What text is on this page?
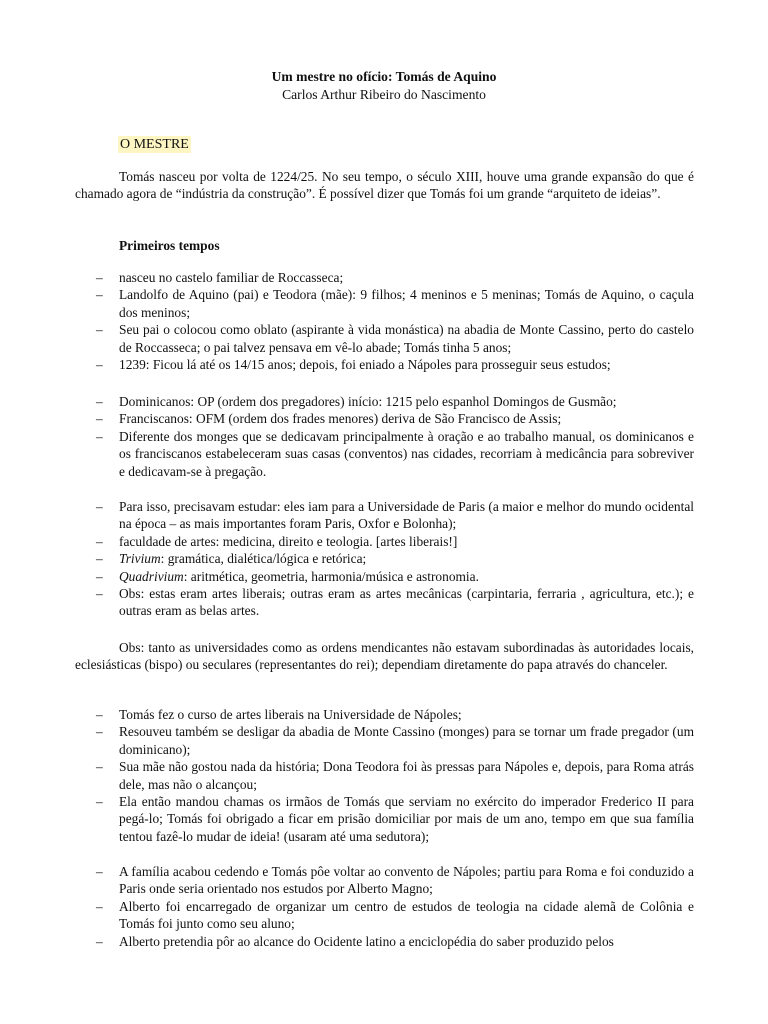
Um mestre no ofício: Tomás de Aquino
Carlos Arthur Ribeiro do Nascimento
O MESTRE
Tomás nasceu por volta de 1224/25. No seu tempo, o século XIII, houve uma grande expansão do que é chamado agora de “indústria da construção”. É possível dizer que Tomás foi um grande “arquiteto de ideias”.
Primeiros tempos
– nasceu no castelo familiar de Roccasseca;
– Landolfo de Aquino (pai) e Teodora (mãe): 9 filhos; 4 meninos e 5 meninas; Tomás de Aquino, o caçula dos meninos;
– Seu pai o colocou como oblato (aspirante à vida monástica) na abadia de Monte Cassino, perto do castelo de Roccasseca; o pai talvez pensava em vê-lo abade; Tomás tinha 5 anos;
– 1239: Ficou lá até os 14/15 anos; depois, foi eniado a Nápoles para prosseguir seus estudos;
– Dominicanos: OP (ordem dos pregadores) início: 1215 pelo espanhol Domingos de Gusmão;
– Franciscanos: OFM (ordem dos frades menores) deriva de São Francisco de Assis;
– Diferente dos monges que se dedicavam principalmente à oração e ao trabalho manual, os dominicanos e os franciscanos estabeleceram suas casas (conventos) nas cidades, recorriam à medicância para sobreviver e dedicavam-se à pregação.
– Para isso, precisavam estudar: eles iam para a Universidade de Paris (a maior e melhor do mundo ocidental na época – as mais importantes foram Paris, Oxfor e Bolonha);
– faculdade de artes: medicina, direito e teologia. [artes liberais!]
– Trivium: gramática, dialética/lógica e retórica;
– Quadrivium: aritmética, geometria, harmonia/música e astronomia.
– Obs: estas eram artes liberais; outras eram as artes mecânicas (carpintaria, ferraria , agricultura, etc.); e outras eram as belas artes.
Obs: tanto as universidades como as ordens mendicantes não estavam subordinadas às autoridades locais, eclesiásticas (bispo) ou seculares (representantes do rei); dependiam diretamente do papa através do chanceler.
– Tomás fez o curso de artes liberais na Universidade de Nápoles;
– Resouveu também se desligar da abadia de Monte Cassino (monges) para se tornar um frade pregador (um dominicano);
– Sua mãe não gostou nada da história; Dona Teodora foi às pressas para Nápoles e, depois, para Roma atrás dele, mas não o alcançou;
– Ela então mandou chamas os irmãos de Tomás que serviam no exército do imperador Frederico II para pegá-lo; Tomás foi obrigado a ficar em prisão domiciliar por mais de um ano, tempo em que sua família tentou fazê-lo mudar de ideia! (usaram até uma sedutora);
– A família acabou cedendo e Tomás pôe voltar ao convento de Nápoles; partiu para Roma e foi conduzido a Paris onde seria orientado nos estudos por Alberto Magno;
– Alberto foi encarregado de organizar um centro de estudos de teologia na cidade alemã de Colônia e Tomás foi junto como seu aluno;
– Alberto pretendia pôr ao alcance do Ocidente latino a enciclopédia do saber produzido pelos
